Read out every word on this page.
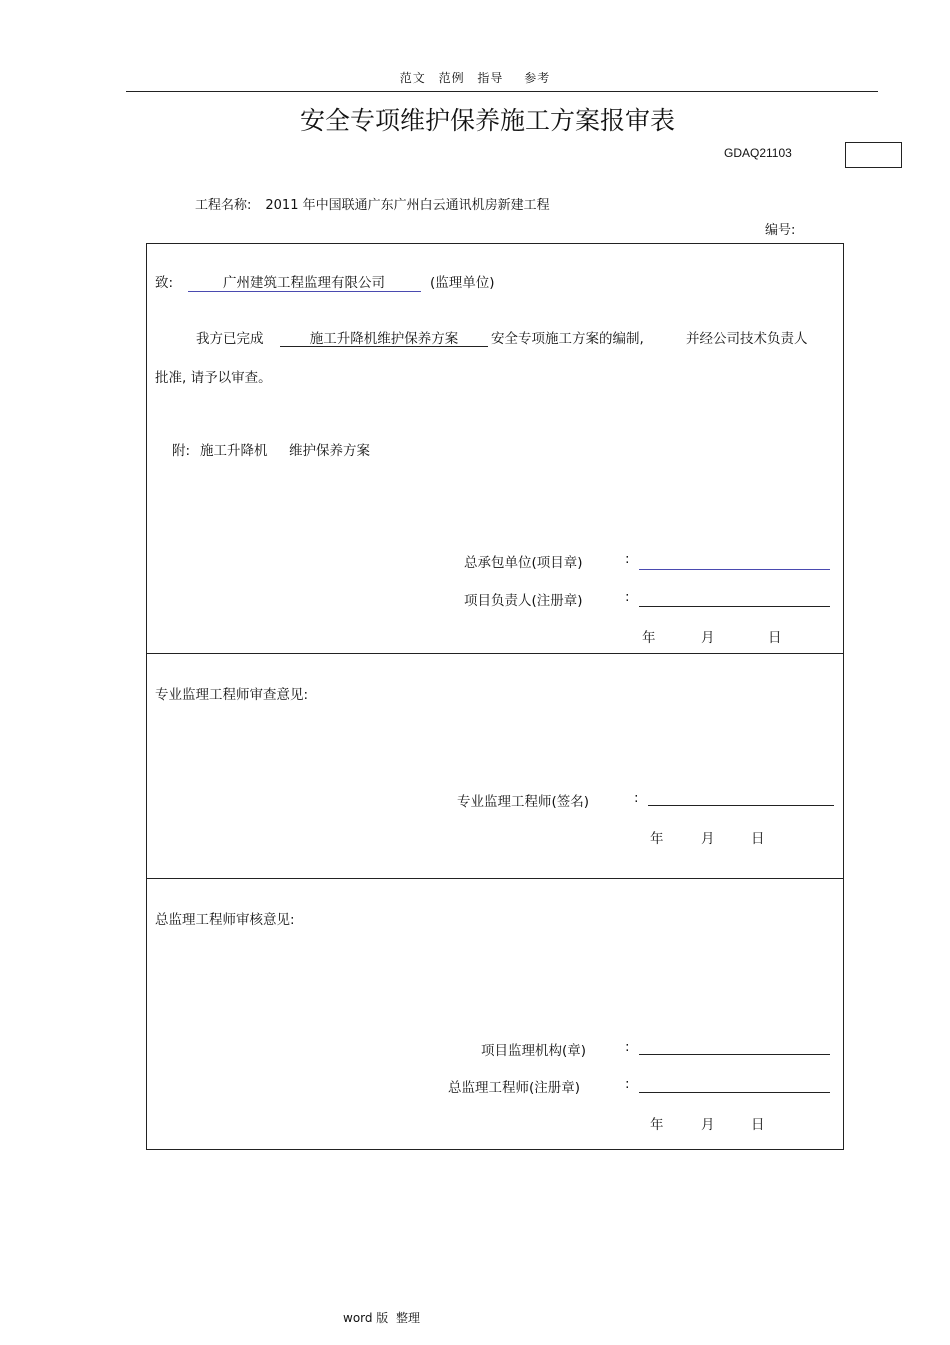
范文 范例 指导 参考
安全专项维护保养施工方案报审表
GDAQ21103
工程名称: 2011 年中国联通广东广州白云通讯机房新建工程
编号:
致:	广州建筑工程监理有限公司	(监理单位)
我方已完成	施工升降机维护保养方案	安全专项施工方案的编制,	并经公司技术负责人
批准, 请予以审查。
附: 施工升降机 维护保养方案
总承包单位(项目章)	:
项目负责人(注册章)	:
年	月	日
专业监理工程师审查意见:
专业监理工程师(签名)	:
年	月	日
总监理工程师审核意见:
项目监理机构(章)	:
总监理工程师(注册章)	:
年	月	日
word 版  整理
